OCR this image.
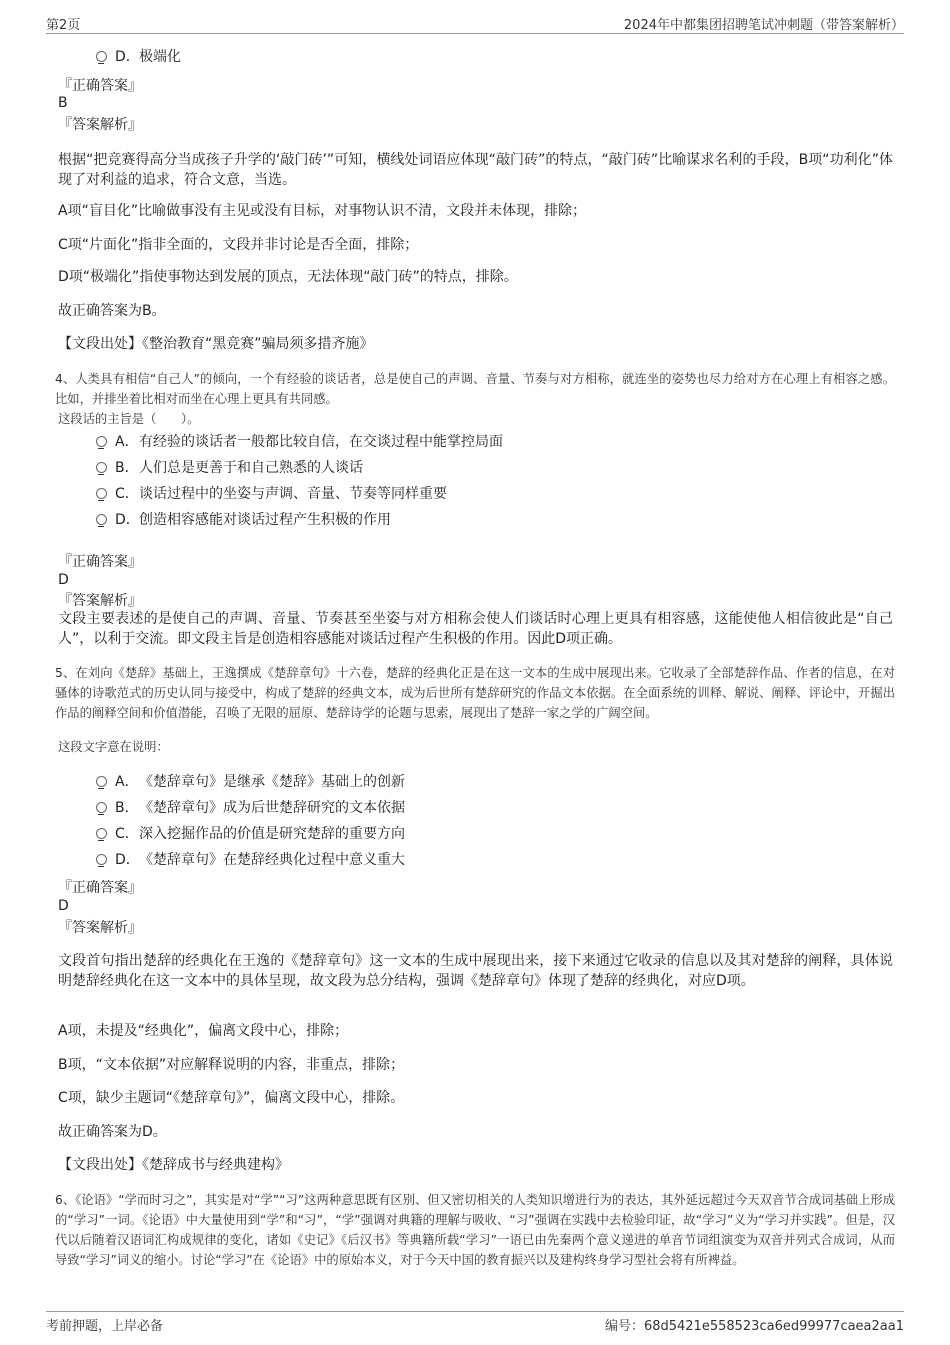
第2页	2024年中都集团招聘笔试冲刺题（带答案解析）
D．极端化
『正确答案』
B
『答案解析』
根据“把竞赛得高分当成孩子升学的‘敲门砖’”可知，横线处词语应体现“敲门砖”的特点，“敲门砖”比喻谋求名利的手段，B项“功利化”体现了对利益的追求，符合文意，当选。
A项“盲目化”比喻做事没有主见或没有目标，对事物认识不清，文段并未体现，排除；
C项“片面化”指非全面的，文段并非讨论是否全面，排除；
D项“极端化”指使事物达到发展的顶点，无法体现“敲门砖”的特点，排除。
故正确答案为B。
【文段出处】《整治教育“黑竞赛”骗局须多措齐施》
4、人类具有相信“自己人”的倾向，一个有经验的谈话者，总是使自己的声调、音量、节奏与对方相称，就连坐的姿势也尽力给对方在心理上有相容之感。比如，并排坐着比相对而坐在心理上更具有共同感。
这段话的主旨是（　　）。
A．有经验的谈话者一般都比较自信，在交谈过程中能掌控局面
B．人们总是更善于和自己熟悉的人谈话
C．谈话过程中的坐姿与声调、音量、节奏等同样重要
D．创造相容感能对谈话过程产生积极的作用
『正确答案』
D
『答案解析』
文段主要表述的是使自己的声调、音量、节奏甚至坐姿与对方相称会使人们谈话时心理上更具有相容感，这能使他人相信彼此是“自己人”，以利于交流。即文段主旨是创造相容感能对谈话过程产生积极的作用。因此D项正确。
5、在刘向《楚辞》基础上，王逸撰成《楚辞章句》十六卷，楚辞的经典化正是在这一文本的生成中展现出来。它收录了全部楚辞作品、作者的信息，在对骚体的诗歌范式的历史认同与接受中，构成了楚辞的经典文本，成为后世所有楚辞研究的作品文本依据。在全面系统的训释、解说、阐释、评论中，开掘出作品的阐释空间和价值潜能，召唤了无限的屈原、楚辞诗学的论题与思索，展现出了楚辞一家之学的广阔空间。
这段文字意在说明：
A．《楚辞章句》是继承《楚辞》基础上的创新
B．《楚辞章句》成为后世楚辞研究的文本依据
C．深入挖掘作品的价值是研究楚辞的重要方向
D．《楚辞章句》在楚辞经典化过程中意义重大
『正确答案』
D
『答案解析』
文段首句指出楚辞的经典化在王逸的《楚辞章句》这一文本的生成中展现出来，接下来通过它收录的信息以及其对楚辞的阐释，具体说明楚辞经典化在这一文本中的具体呈现，故文段为总分结构，强调《楚辞章句》体现了楚辞的经典化，对应D项。
A项，未提及“经典化”，偏离文段中心，排除；
B项，“文本依据”对应解释说明的内容，非重点，排除；
C项，缺少主题词“《楚辞章句》”，偏离文段中心，排除。
故正确答案为D。
【文段出处】《楚辞成书与经典建构》
6、《论语》“学而时习之”，其实是对“学”“习”这两种意思既有区别、但又密切相关的人类知识增进行为的表达，其外延远超过今天双音节合成词基础上形成的“学习”一词。《论语》中大量使用到“学”和“习”，“学”强调对典籍的理解与吸收、“习”强调在实践中去检验印证，故“学习”义为“学习并实践”。但是，汉代以后随着汉语词汇构成规律的变化，诸如《史记》《后汉书》等典籍所载“学习”一语已由先秦两个意义递进的单音节词组演变为双音并列式合成词，从而导致“学习”词义的缩小。讨论“学习”在《论语》中的原始本义，对于今天中国的教育振兴以及建构终身学习型社会将有所裨益。
考前押题，上岸必备	编号：68d5421e558523ca6ed99977caea2aa1
